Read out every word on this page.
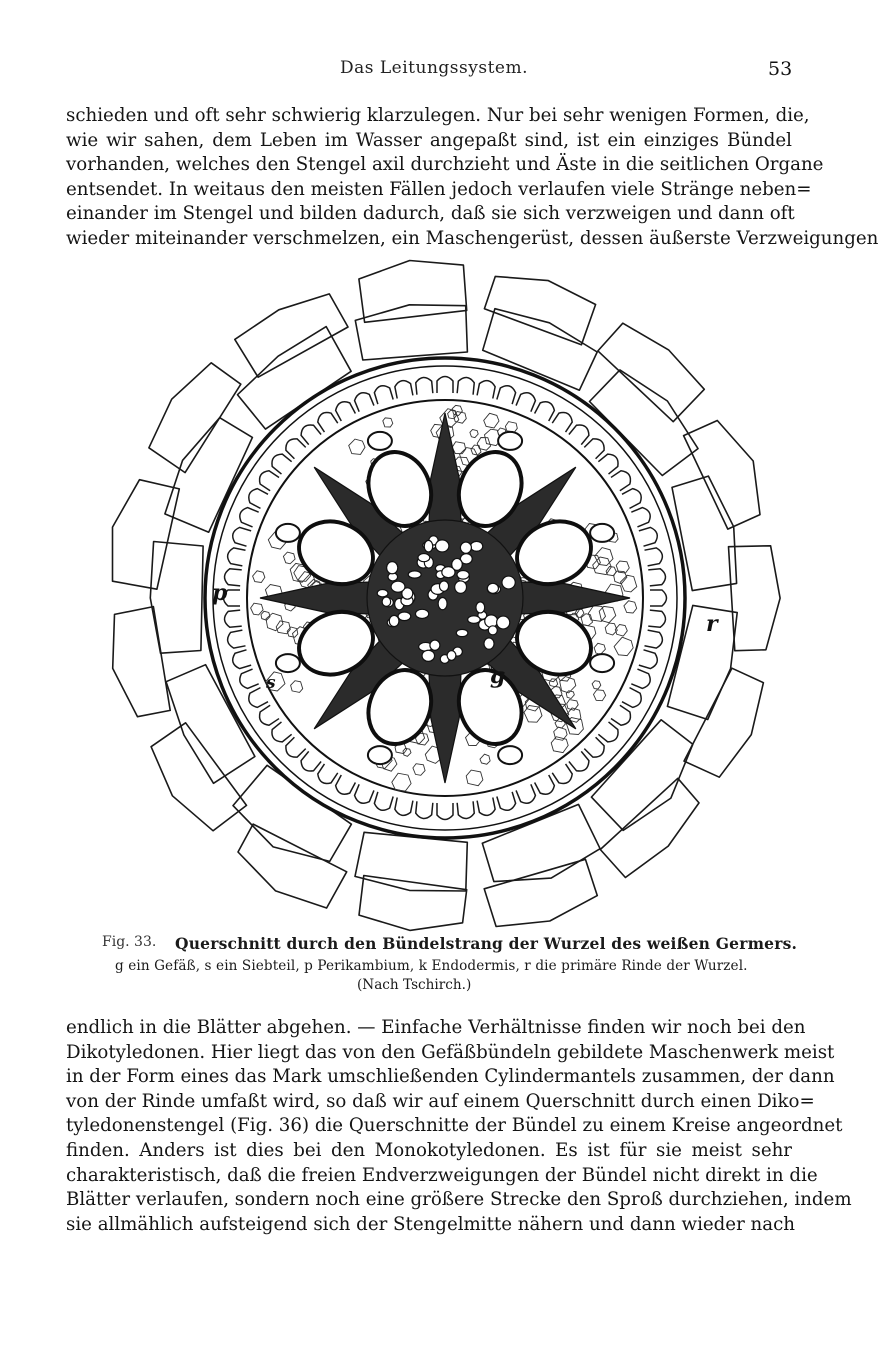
Das Leitungssystem.	53
schieden und oft sehr schwierig klarzulegen. Nur bei sehr wenigen Formen, die,
wie wir sahen, dem Leben im Wasser angepaßt sind, ist ein einziges Bündel
vorhanden, welches den Stengel axil durchzieht und Äste in die seitlichen Organe
entsendet. In weitaus den meisten Fällen jedoch verlaufen viele Stränge neben=
einander im Stengel und bilden dadurch, daß sie sich verzweigen und dann oft
wieder miteinander verschmelzen, ein Maschengerüst, dessen äußerste Verzweigungen
p
s	g
r
Fig. 33. Querschnitt durch den Bündelstrang der Wurzel des weißen Germers.
g ein Gefäß, s ein Siebteil, p Perikambium, k Endodermis, r die primäre Rinde der Wurzel.
(Nach Tschirch.)
endlich in die Blätter abgehen. — Einfache Verhältnisse finden wir noch bei den
Dikotyledonen. Hier liegt das von den Gefäßbündeln gebildete Maschenwerk meist
in der Form eines das Mark umschließenden Cylindermantels zusammen, der dann
von der Rinde umfaßt wird, so daß wir auf einem Querschnitt durch einen Diko=
tyledonenstengel (Fig. 36) die Querschnitte der Bündel zu einem Kreise angeordnet
finden. Anders ist dies bei den Monokotyledonen. Es ist für sie meist sehr
charakteristisch, daß die freien Endverzweigungen der Bündel nicht direkt in die
Blätter verlaufen, sondern noch eine größere Strecke den Sproß durchziehen, indem
sie allmählich aufsteigend sich der Stengelmitte nähern und dann wieder nach
